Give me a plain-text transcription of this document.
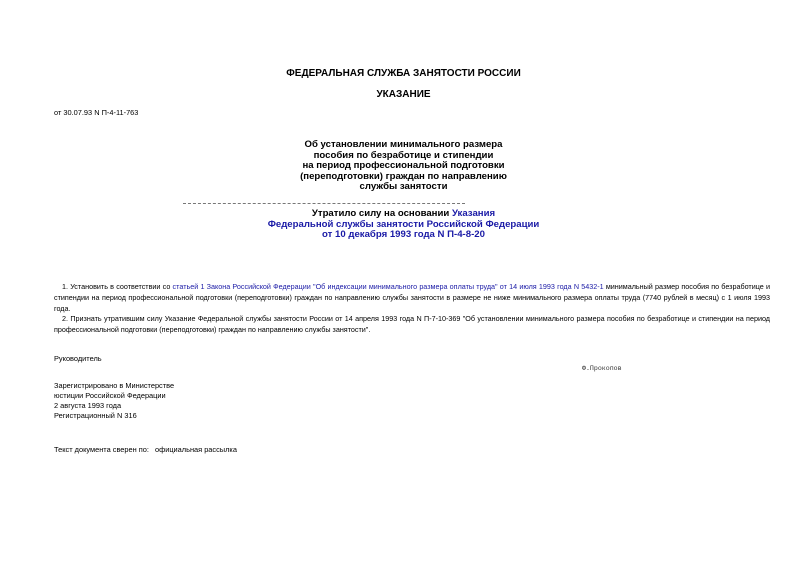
ФЕДЕРАЛЬНАЯ СЛУЖБА ЗАНЯТОСТИ РОССИИ
УКАЗАНИЕ
от 30.07.93 N П-4-11-763
Об установлении минимального размера
пособия по безработице и стипендии
на период профессиональной подготовки
(переподготовки) граждан по направлению
службы занятости
Утратило силу на основании Указания
Федеральной службы занятости Российской Федерации
от 10 декабря 1993 года N П-4-8-20
1. Установить в соответствии со статьей 1 Закона Российской Федерации "Об индексации минимального размера оплаты труда" от 14 июля 1993 года N 5432-1 минимальный размер пособия по безработице и стипендии на период профессиональной подготовки (переподготовки) граждан по направлению службы занятости в размере не ниже минимального размера оплаты труда (7740 рублей в месяц) с 1 июля 1993 года.
2. Признать утратившим силу Указание Федеральной службы занятости России от 14 апреля 1993 года N П-7-10-369 "Об установлении минимального размера пособия по безработице и стипендии на период профессиональной подготовки (переподготовки) граждан по направлению службы занятости".
Руководитель
Ф.Прокопов
Зарегистрировано в Министерстве
юстиции Российской Федерации
2 августа 1993 года
Регистрационный N 316
Текст документа сверен по: официальная рассылка
